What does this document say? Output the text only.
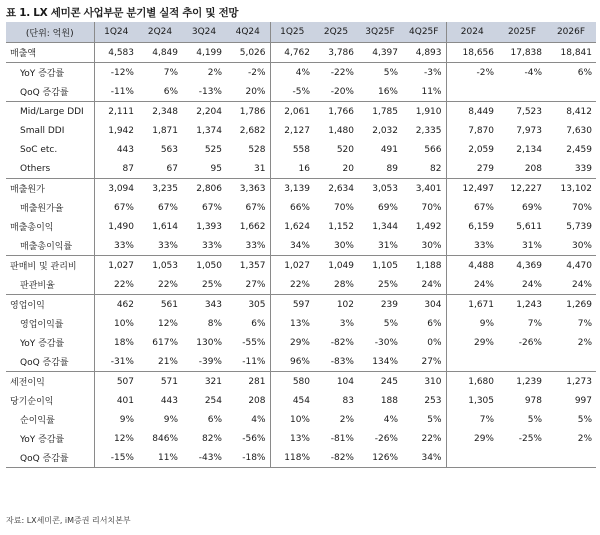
표 1. LX 세미콘 사업부문 분기별 실적 추이 및 전망
(단위: 억원)	1Q24	2Q24	3Q24	4Q24	1Q25	2Q25	3Q25F	4Q25F	2024	2025F	2026F
매출액	4,583	4,849	4,199	5,026	4,762	3,786	4,397	4,893	18,656	17,838	18,841
YoY 증감률	-12%	7%	2%	-2%	4%	-22%	5%	-3%	-2%	-4%	6%
QoQ 증감률	-11%	6%	-13%	20%	-5%	-20%	16%	11%			
Mid/Large DDI	2,111	2,348	2,204	1,786	2,061	1,766	1,785	1,910	8,449	7,523	8,412
Small DDI	1,942	1,871	1,374	2,682	2,127	1,480	2,032	2,335	7,870	7,973	7,630
SoC etc.	443	563	525	528	558	520	491	566	2,059	2,134	2,459
Others	87	67	95	31	16	20	89	82	279	208	339
매출원가	3,094	3,235	2,806	3,363	3,139	2,634	3,053	3,401	12,497	12,227	13,102
매출원가율	67%	67%	67%	67%	66%	70%	69%	70%	67%	69%	70%
매출총이익	1,490	1,614	1,393	1,662	1,624	1,152	1,344	1,492	6,159	5,611	5,739
매출총이익률	33%	33%	33%	33%	34%	30%	31%	30%	33%	31%	30%
판매비 및 관리비	1,027	1,053	1,050	1,357	1,027	1,049	1,105	1,188	4,488	4,369	4,470
판관비율	22%	22%	25%	27%	22%	28%	25%	24%	24%	24%	24%
영업이익	462	561	343	305	597	102	239	304	1,671	1,243	1,269
영업이익률	10%	12%	8%	6%	13%	3%	5%	6%	9%	7%	7%
YoY 증감률	18%	617%	130%	-55%	29%	-82%	-30%	0%	29%	-26%	2%
QoQ 증감률	-31%	21%	-39%	-11%	96%	-83%	134%	27%			
세전이익	507	571	321	281	580	104	245	310	1,680	1,239	1,273
당기순이익	401	443	254	208	454	83	188	253	1,305	978	997
순이익률	9%	9%	6%	4%	10%	2%	4%	5%	7%	5%	5%
YoY 증감률	12%	846%	82%	-56%	13%	-81%	-26%	22%	29%	-25%	2%
QoQ 증감률	-15%	11%	-43%	-18%	118%	-82%	126%	34%			
자료: LX세미콘, iM증권 리서치본부
